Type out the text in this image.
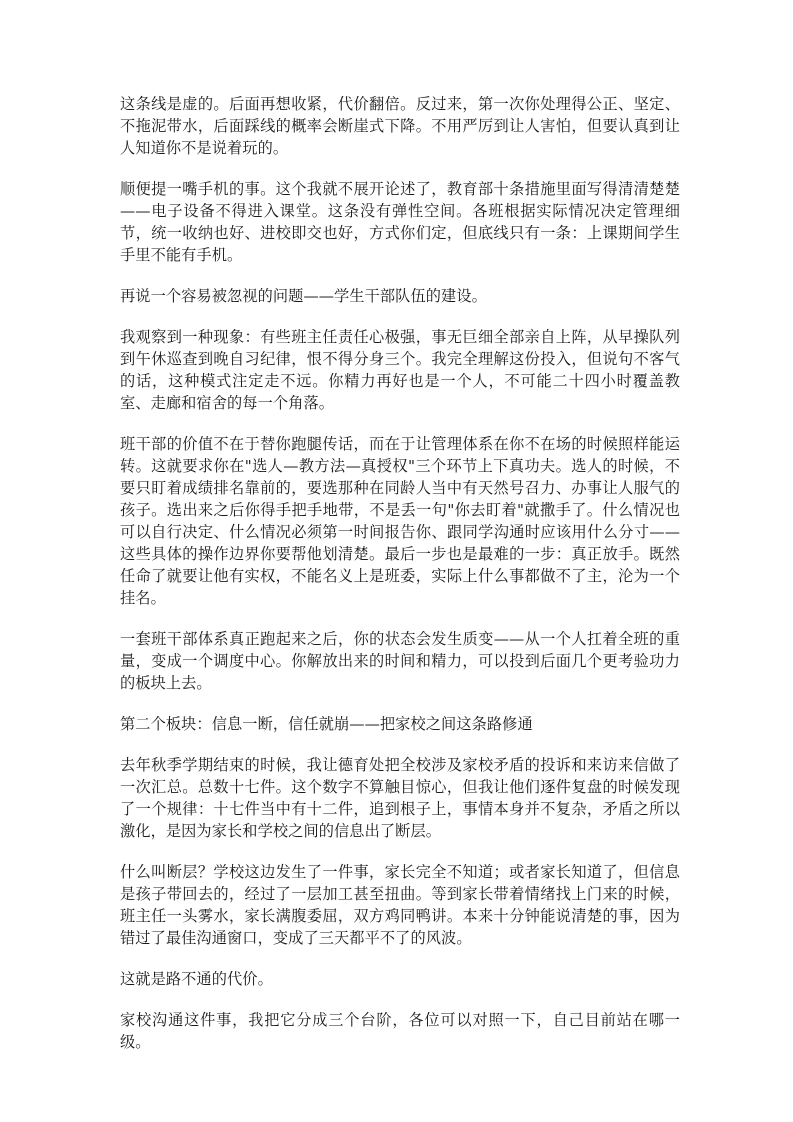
这条线是虚的。后面再想收紧，代价翻倍。反过来，第一次你处理得公正、坚定、不拖泥带水，后面踩线的概率会断崖式下降。不用严厉到让人害怕，但要认真到让人知道你不是说着玩的。

顺便提一嘴手机的事。这个我就不展开论述了，教育部十条措施里面写得清清楚楚——电子设备不得进入课堂。这条没有弹性空间。各班根据实际情况决定管理细节，统一收纳也好、进校即交也好，方式你们定，但底线只有一条：上课期间学生手里不能有手机。

再说一个容易被忽视的问题——学生干部队伍的建设。

我观察到一种现象：有些班主任责任心极强，事无巨细全部亲自上阵，从早操队列到午休巡查到晚自习纪律，恨不得分身三个。我完全理解这份投入，但说句不客气的话，这种模式注定走不远。你精力再好也是一个人，不可能二十四小时覆盖教室、走廊和宿舍的每一个角落。

班干部的价值不在于替你跑腿传话，而在于让管理体系在你不在场的时候照样能运转。这就要求你在"选人—教方法—真授权"三个环节上下真功夫。选人的时候，不要只盯着成绩排名靠前的，要选那种在同龄人当中有天然号召力、办事让人服气的孩子。选出来之后你得手把手地带，不是丢一句"你去盯着"就撒手了。什么情况也可以自行决定、什么情况必须第一时间报告你、跟同学沟通时应该用什么分寸——这些具体的操作边界你要帮他划清楚。最后一步也是最难的一步：真正放手。既然任命了就要让他有实权，不能名义上是班委，实际上什么事都做不了主，沦为一个挂名。

一套班干部体系真正跑起来之后，你的状态会发生质变——从一个人扛着全班的重量，变成一个调度中心。你解放出来的时间和精力，可以投到后面几个更考验功力的板块上去。

第二个板块：信息一断，信任就崩——把家校之间这条路修通

去年秋季学期结束的时候，我让德育处把全校涉及家校矛盾的投诉和来访来信做了一次汇总。总数十七件。这个数字不算触目惊心，但我让他们逐件复盘的时候发现了一个规律：十七件当中有十二件，追到根子上，事情本身并不复杂，矛盾之所以激化，是因为家长和学校之间的信息出了断层。

什么叫断层？学校这边发生了一件事，家长完全不知道；或者家长知道了，但信息是孩子带回去的，经过了一层加工甚至扭曲。等到家长带着情绪找上门来的时候，班主任一头雾水，家长满腹委屈，双方鸡同鸭讲。本来十分钟能说清楚的事，因为错过了最佳沟通窗口，变成了三天都平不了的风波。

这就是路不通的代价。

家校沟通这件事，我把它分成三个台阶，各位可以对照一下，自己目前站在哪一级。
